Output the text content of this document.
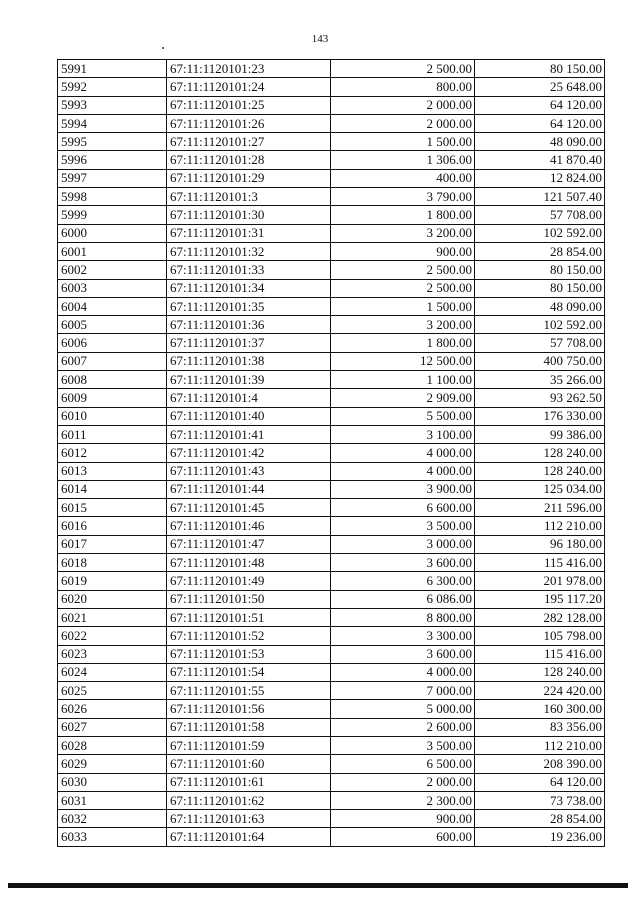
143
5991	67:11:1120101:23	2 500.00	80 150.00
5992	67:11:1120101:24	800.00	25 648.00
5993	67:11:1120101:25	2 000.00	64 120.00
5994	67:11:1120101:26	2 000.00	64 120.00
5995	67:11:1120101:27	1 500.00	48 090.00
5996	67:11:1120101:28	1 306.00	41 870.40
5997	67:11:1120101:29	400.00	12 824.00
5998	67:11:1120101:3	3 790.00	121 507.40
5999	67:11:1120101:30	1 800.00	57 708.00
6000	67:11:1120101:31	3 200.00	102 592.00
6001	67:11:1120101:32	900.00	28 854.00
6002	67:11:1120101:33	2 500.00	80 150.00
6003	67:11:1120101:34	2 500.00	80 150.00
6004	67:11:1120101:35	1 500.00	48 090.00
6005	67:11:1120101:36	3 200.00	102 592.00
6006	67:11:1120101:37	1 800.00	57 708.00
6007	67:11:1120101:38	12 500.00	400 750.00
6008	67:11:1120101:39	1 100.00	35 266.00
6009	67:11:1120101:4	2 909.00	93 262.50
6010	67:11:1120101:40	5 500.00	176 330.00
6011	67:11:1120101:41	3 100.00	99 386.00
6012	67:11:1120101:42	4 000.00	128 240.00
6013	67:11:1120101:43	4 000.00	128 240.00
6014	67:11:1120101:44	3 900.00	125 034.00
6015	67:11:1120101:45	6 600.00	211 596.00
6016	67:11:1120101:46	3 500.00	112 210.00
6017	67:11:1120101:47	3 000.00	96 180.00
6018	67:11:1120101:48	3 600.00	115 416.00
6019	67:11:1120101:49	6 300.00	201 978.00
6020	67:11:1120101:50	6 086.00	195 117.20
6021	67:11:1120101:51	8 800.00	282 128.00
6022	67:11:1120101:52	3 300.00	105 798.00
6023	67:11:1120101:53	3 600.00	115 416.00
6024	67:11:1120101:54	4 000.00	128 240.00
6025	67:11:1120101:55	7 000.00	224 420.00
6026	67:11:1120101:56	5 000.00	160 300.00
6027	67:11:1120101:58	2 600.00	83 356.00
6028	67:11:1120101:59	3 500.00	112 210.00
6029	67:11:1120101:60	6 500.00	208 390.00
6030	67:11:1120101:61	2 000.00	64 120.00
6031	67:11:1120101:62	2 300.00	73 738.00
6032	67:11:1120101:63	900.00	28 854.00
6033	67:11:1120101:64	600.00	19 236.00
